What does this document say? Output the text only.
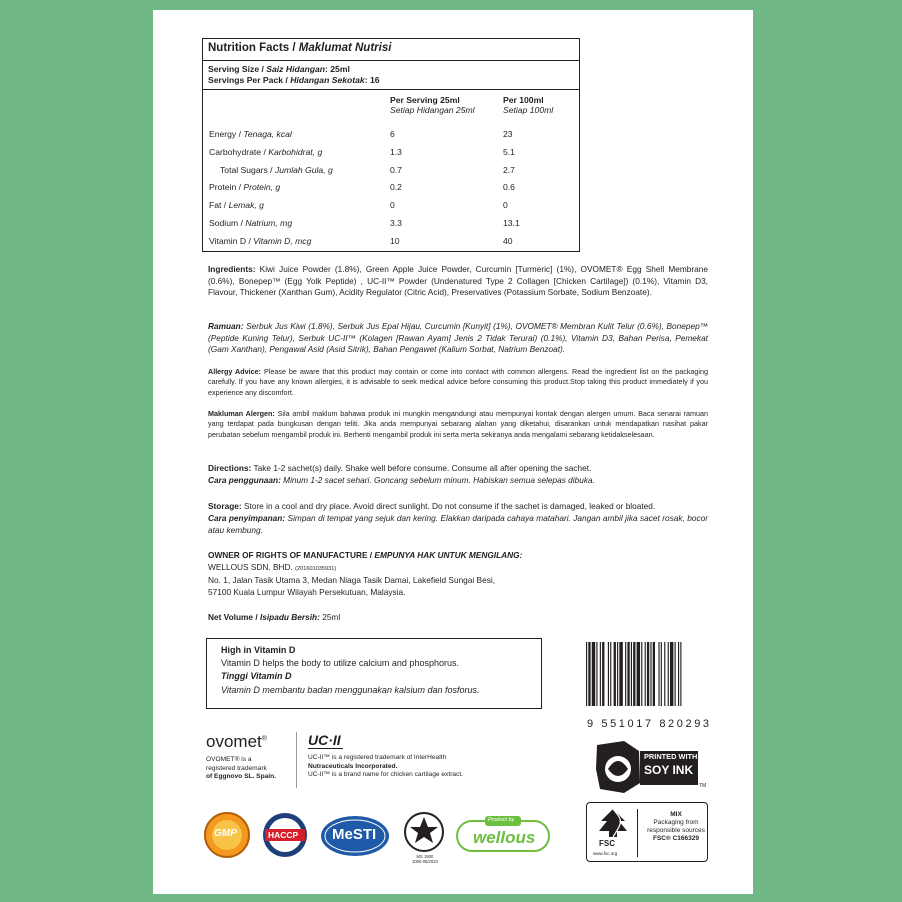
Nutrition Facts / Maklumat Nutrisi
Serving Size / Saiz Hidangan: 25ml
Servings Per Pack / Hidangan Sekotak: 16
Per Serving 25ml
Setiap Hidangan 25ml
Per 100ml
Setiap 100ml
Energy / Tenaga, kcal	6	23
Carbohydrate / Karbohidrat, g	1.3	5.1
Total Sugars / Jumlah Gula, g	0.7	2.7
Protein / Protein, g	0.2	0.6
Fat / Lemak, g	0	0
Sodium / Natrium, mg	3.3	13.1
Vitamin D / Vitamin D, mcg	10	40
Ingredients: Kiwi Juice Powder (1.8%), Green Apple Juice Powder, Curcumin [Turmeric] (1%), OVOMET® Egg Shell Membrane (0.6%), Bonepep™ (Egg Yolk Peptide) , UC-II™ Powder (Undenatured Type 2 Collagen [Chicken Cartilage]) (0.1%), Vitamin D3, Flavour, Thickener (Xanthan Gum), Acidity Regulator (Citric Acid), Preservatives (Potassium Sorbate, Sodium Benzoate).
Ramuan: Serbuk Jus Kiwi (1.8%), Serbuk Jus Epal Hijau, Curcumin [Kunyit] (1%), OVOMET® Membran Kulit Telur (0.6%), Bonepep™ (Peptide Kuning Telur), Serbuk UC-II™ (Kolagen [Rawan Ayam] Jenis 2 Tidak Terurai) (0.1%), Vitamin D3, Bahan Perisa, Pemekat (Gam Xanthan), Pengawal Asid (Asid Sitrik), Bahan Pengawet (Kalium Sorbat, Natrium Benzoat).
Allergy Advice: Please be aware that this product may contain or come into contact with common allergens. Read the ingredient list on the packaging carefully. If you have any known allergies, it is advisable to seek medical advice before consuming this product.Stop taking this product immediately if you experience any discomfort.
Makluman Alergen: Sila ambil maklum bahawa produk ini mungkin mengandungi atau mempunyai kontak dengan alergen umum. Baca senarai ramuan yang terdapat pada bungkusan dengan teliti. Jika anda mempunyai sebarang alahan yang diketahui, disarankan untuk mendapatkan nasihat pakar perubatan sebelum mengambil produk ini. Berhenti mengambil produk ini serta merta sekiranya anda mengalami sebarang ketidakselesaan.
Directions: Take 1-2 sachet(s) daily. Shake well before consume. Consume all after opening the sachet.
Cara penggunaan: Minum 1-2 sacet sehari. Goncang sebelum minum. Habiskan semua selepas dibuka.
Storage: Store in a cool and dry place. Avoid direct sunlight. Do not consume if the sachet is damaged, leaked or bloated.
Cara penyimpanan: Simpan di tempat yang sejuk dan kering. Elakkan daripada cahaya matahari. Jangan ambil jika sacet rosak, bocor atau kembung.
OWNER OF RIGHTS OF MANUFACTURE / EMPUNYA HAK UNTUK MENGILANG:
WELLOUS SDN. BHD. (201601035931)
No. 1, Jalan Tasik Utama 3, Medan Niaga Tasik Damai, Lakefield Sungai Besi,
57100 Kuala Lumpur Wilayah Persekutuan, Malaysia.
Net Volume / Isipadu Bersih: 25ml
High in Vitamin D
Vitamin D helps the body to utilize calcium and phosphorus.
Tinggi Vitamin D
Vitamin D membantu badan menggunakan kalsium dan fosforus.
9 551017 820293
ovomet®
OVOMET® is a
registered trademark
of Eggnovo SL. Spain.
UC·II
UC-II™ is a registered trademark of InterHealth
Nutraceuticals Incorporated.
UC-II™ is a brand name for chicken cartilage extract.
PRINTED WITH
SOY INK
TM
FSC
www.fsc.org
MIX
Packaging from
responsible sources
FSC® C166329
GMP	HACCP MeSTI
MS 1500
1000-05/2023
Product by
wellous
